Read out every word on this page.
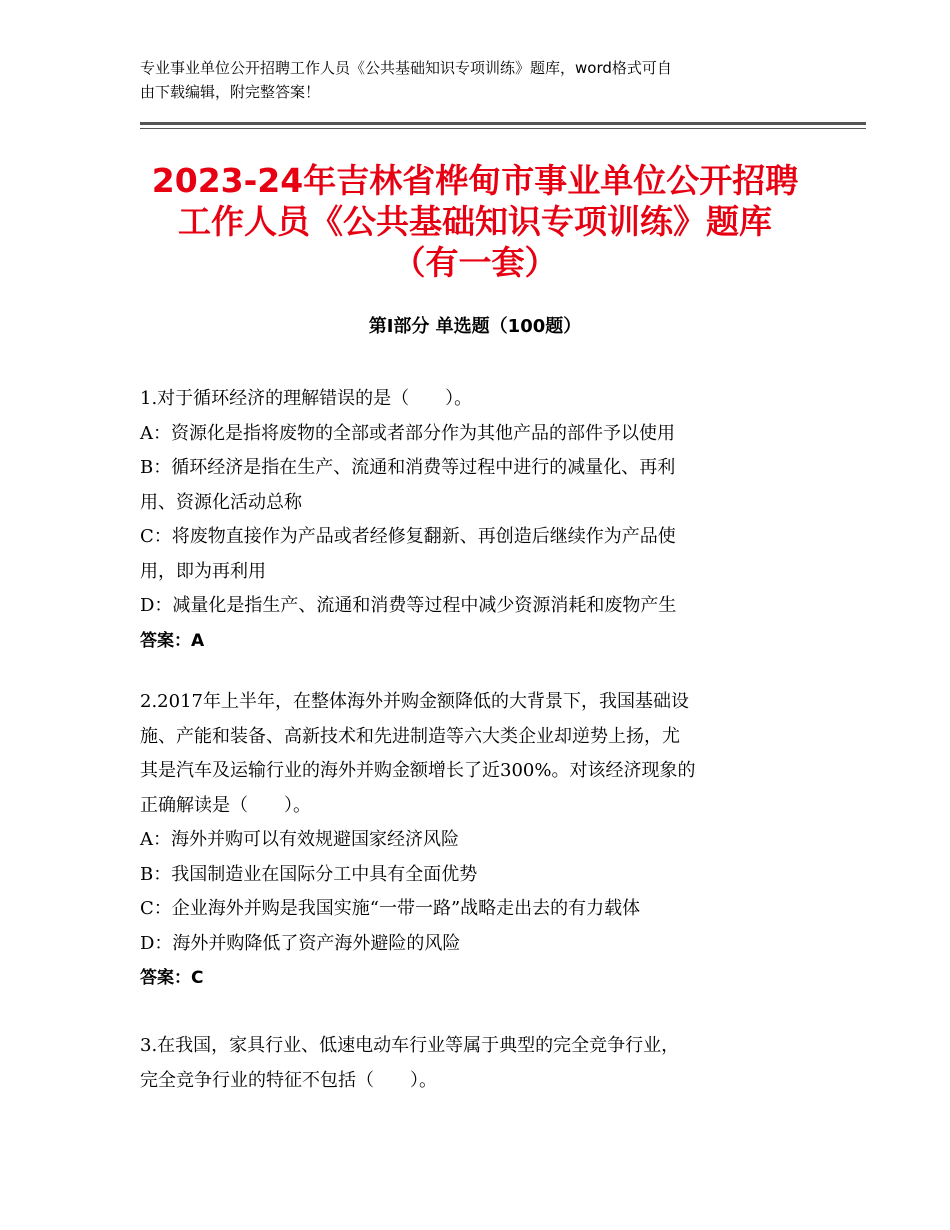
专业事业单位公开招聘工作人员《公共基础知识专项训练》题库，word格式可自
由下载编辑，附完整答案！
2023-24年吉林省桦甸市事业单位公开招聘
工作人员《公共基础知识专项训练》题库
（有一套）
第Ⅰ部分 单选题（100题）
1.对于循环经济的理解错误的是（　　）。
A：资源化是指将废物的全部或者部分作为其他产品的部件予以使用
B：循环经济是指在生产、流通和消费等过程中进行的减量化、再利
用、资源化活动总称
C：将废物直接作为产品或者经修复翻新、再创造后继续作为产品使
用，即为再利用
D：减量化是指生产、流通和消费等过程中减少资源消耗和废物产生
答案：A
2.2017年上半年，在整体海外并购金额降低的大背景下，我国基础设
施、产能和装备、高新技术和先进制造等六大类企业却逆势上扬，尤
其是汽车及运输行业的海外并购金额增长了近300%。对该经济现象的
正确解读是（　　）。
A：海外并购可以有效规避国家经济风险
B：我国制造业在国际分工中具有全面优势
C：企业海外并购是我国实施“一带一路”战略走出去的有力载体
D：海外并购降低了资产海外避险的风险
答案：C
3.在我国，家具行业、低速电动车行业等属于典型的完全竞争行业，
完全竞争行业的特征不包括（　　）。
